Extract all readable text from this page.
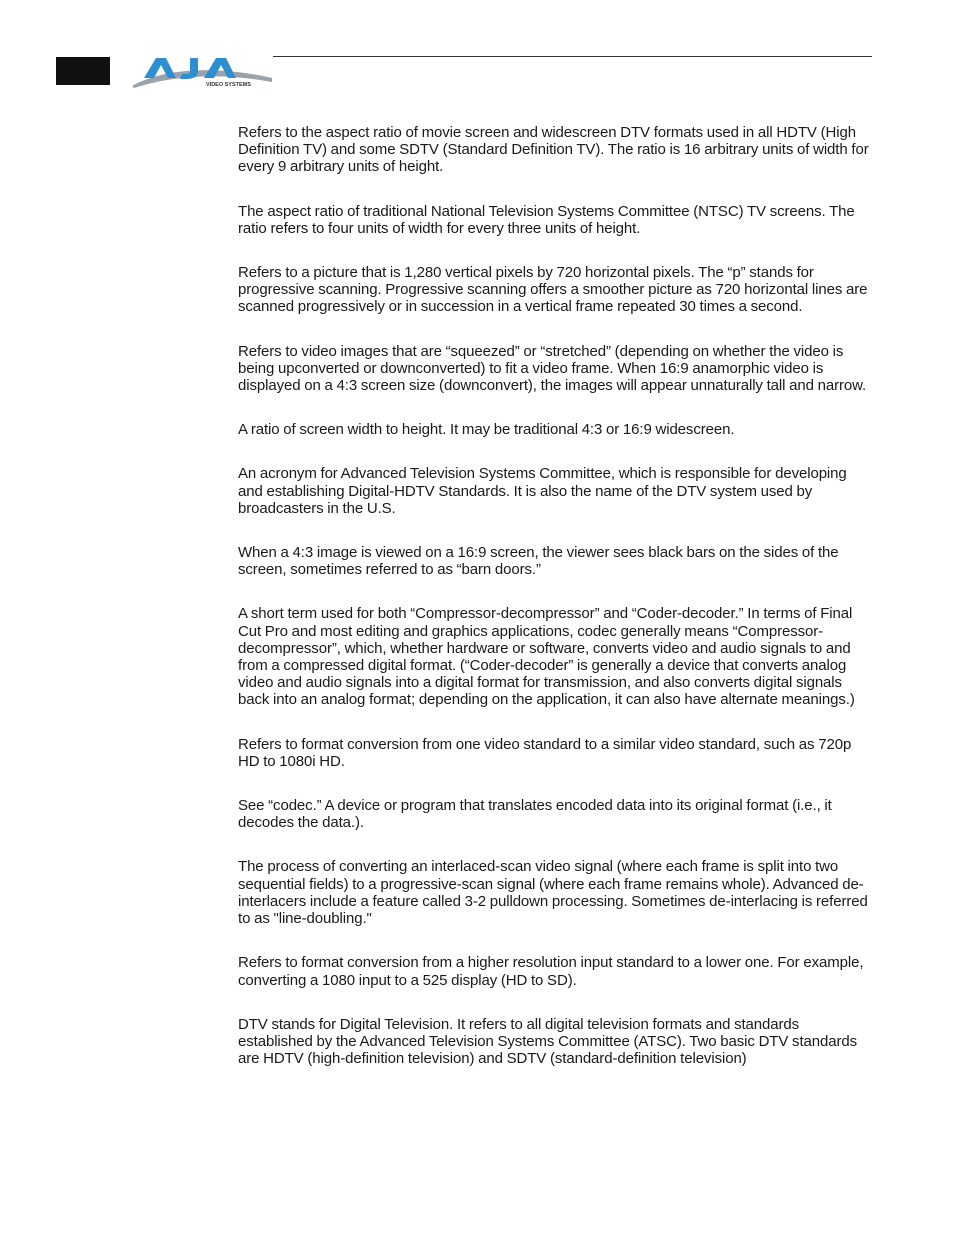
VIDEO SYSTEMS

Refers to the aspect ratio of movie screen and widescreen DTV formats used in all HDTV (High Definition TV) and some SDTV (Standard Definition TV). The ratio is 16 arbitrary units of width for every 9 arbitrary units of height.

The aspect ratio of traditional National Television Systems Committee (NTSC) TV screens. The ratio refers to four units of width for every three units of height.

Refers to a picture that is 1,280 vertical pixels by 720 horizontal pixels. The “p” stands for progressive scanning. Progressive scanning offers a smoother picture as 720 horizontal lines are scanned progressively or in succession in a vertical frame repeated 30 times a second.

Refers to video images that are “squeezed” or “stretched” (depending on whether the video is being upconverted or downconverted) to fit a video frame. When 16:9 anamorphic video is displayed on a 4:3 screen size (downconvert), the images will appear unnaturally tall and narrow.

A ratio of screen width to height. It may be traditional 4:3 or 16:9 widescreen.

An acronym for Advanced Television Systems Committee, which is responsible for developing and establishing Digital-HDTV Standards. It is also the name of the DTV system used by broadcasters in the U.S.

When a 4:3 image is viewed on a 16:9 screen, the viewer sees black bars on the sides of the screen, sometimes referred to as “barn doors.”

A short term used for both “Compressor-decompressor” and “Coder-decoder.” In terms of Final Cut Pro and most editing and graphics applications, codec generally means “Compressor-decompressor”, which, whether hardware or software, converts video and audio signals to and from a compressed digital format. (“Coder-decoder” is generally a device that converts analog video and audio signals into a digital format for transmission, and also converts digital signals back into an analog format; depending on the application, it can also have alternate meanings.)

Refers to format conversion from one video standard to a similar video standard, such as 720p HD to 1080i HD.

See “codec.” A device or program that translates encoded data into its original format (i.e., it decodes the data.).

The process of converting an interlaced-scan video signal (where each frame is split into two sequential fields) to a progressive-scan signal (where each frame remains whole). Advanced de-interlacers include a feature called 3-2 pulldown processing. Sometimes de-interlacing is referred to as "line-doubling."

Refers to format conversion from a higher resolution input standard to a lower one. For example, converting a 1080 input to a 525 display (HD to SD).

DTV stands for Digital Television. It refers to all digital television formats and standards established by the Advanced Television Systems Committee (ATSC). Two basic DTV standards are HDTV (high-definition television) and SDTV (standard-definition television)
